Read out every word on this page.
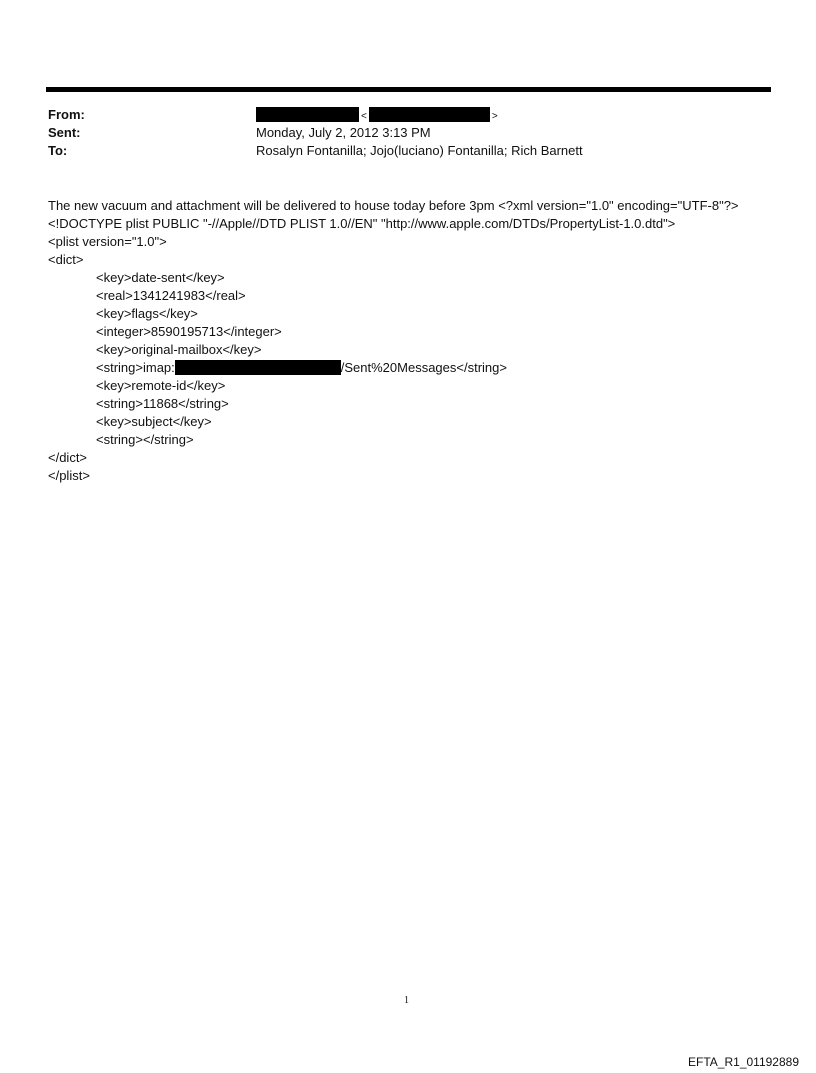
From:	<	>
Sent:	Monday, July 2, 2012 3:13 PM
To:	Rosalyn Fontanilla; Jojo(luciano) Fontanilla; Rich Barnett
The new vacuum and attachment will be delivered to house today before 3pm <?xml version="1.0" encoding="UTF-8"?>
<!DOCTYPE plist PUBLIC "-//Apple//DTD PLIST 1.0//EN" "http://www.apple.com/DTDs/PropertyList-1.0.dtd">
<plist version="1.0">
<dict>
<key>date-sent</key>
<real>1341241983</real>
<key>flags</key>
<integer>8590195713</integer>
<key>original-mailbox</key>
<string>imap:	/Sent%20Messages</string>
<key>remote-id</key>
<string>11868</string>
<key>subject</key>
<string></string>
</dict>
</plist>
1
EFTA_R1_01192889
